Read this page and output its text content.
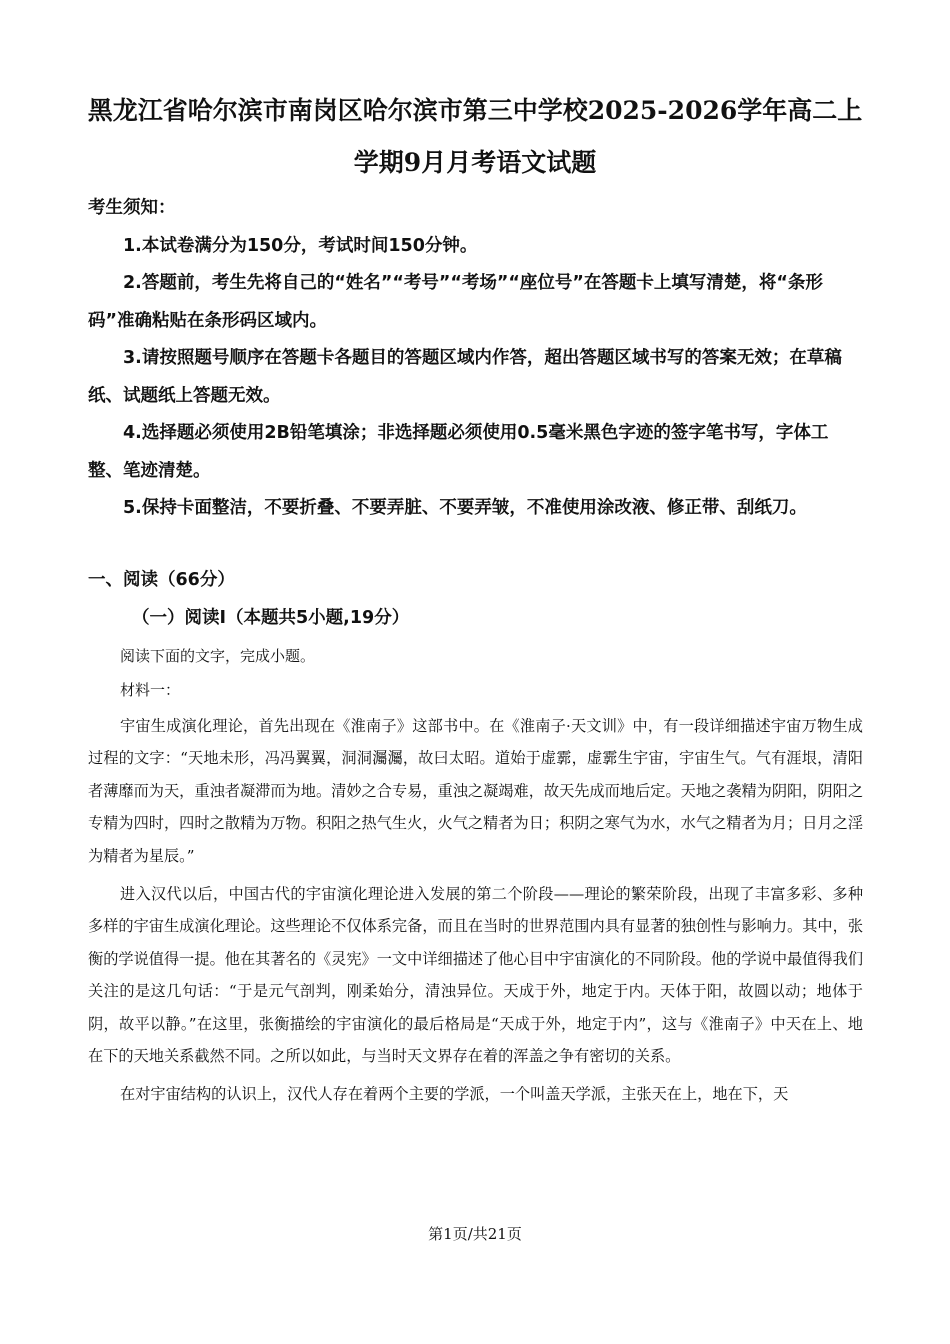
黑龙江省哈尔滨市南岗区哈尔滨市第三中学校2025-2026学年高二上
学期9月月考语文试题

考生须知：

1.本试卷满分为150分，考试时间150分钟。

2.答题前，考生先将自己的“姓名”“考号”“考场”“座位号”在答题卡上填写清楚，将“条形码”准确粘贴在条形码区域内。

3.请按照题号顺序在答题卡各题目的答题区域内作答，超出答题区域书写的答案无效；在草稿纸、试题纸上答题无效。

4.选择题必须使用2B铅笔填涂；非选择题必须使用0.5毫米黑色字迹的签字笔书写，字体工整、笔迹清楚。

5.保持卡面整洁，不要折叠、不要弄脏、不要弄皱，不准使用涂改液、修正带、刮纸刀。

一、阅读（66分）
（一）阅读Ⅰ（本题共5小题,19分）
阅读下面的文字，完成小题。
材料一：

宇宙生成演化理论，首先出现在《淮南子》这部书中。在《淮南子·天文训》中，有一段详细描述宇宙万物生成过程的文字：“天地未形，冯冯翼翼，洞洞灟灟，故曰太昭。道始于虚霩，虚霩生宇宙，宇宙生气。气有涯垠，清阳者薄靡而为天，重浊者凝滞而为地。清妙之合专易，重浊之凝竭难，故天先成而地后定。天地之袭精为阴阳，阴阳之专精为四时，四时之散精为万物。积阳之热气生火，火气之精者为日；积阴之寒气为水，水气之精者为月；日月之淫为精者为星辰。”

进入汉代以后，中国古代的宇宙演化理论进入发展的第二个阶段——理论的繁荣阶段，出现了丰富多彩、多种多样的宇宙生成演化理论。这些理论不仅体系完备，而且在当时的世界范围内具有显著的独创性与影响力。其中，张衡的学说值得一提。他在其著名的《灵宪》一文中详细描述了他心目中宇宙演化的不同阶段。他的学说中最值得我们关注的是这几句话：“于是元气剖判，刚柔始分，清浊异位。天成于外，地定于内。天体于阳，故圆以动；地体于阴，故平以静。”在这里，张衡描绘的宇宙演化的最后格局是“天成于外，地定于内”，这与《淮南子》中天在上、地在下的天地关系截然不同。之所以如此，与当时天文界存在着的浑盖之争有密切的关系。

在对宇宙结构的认识上，汉代人存在着两个主要的学派，一个叫盖天学派，主张天在上，地在下，天

第1页/共21页
